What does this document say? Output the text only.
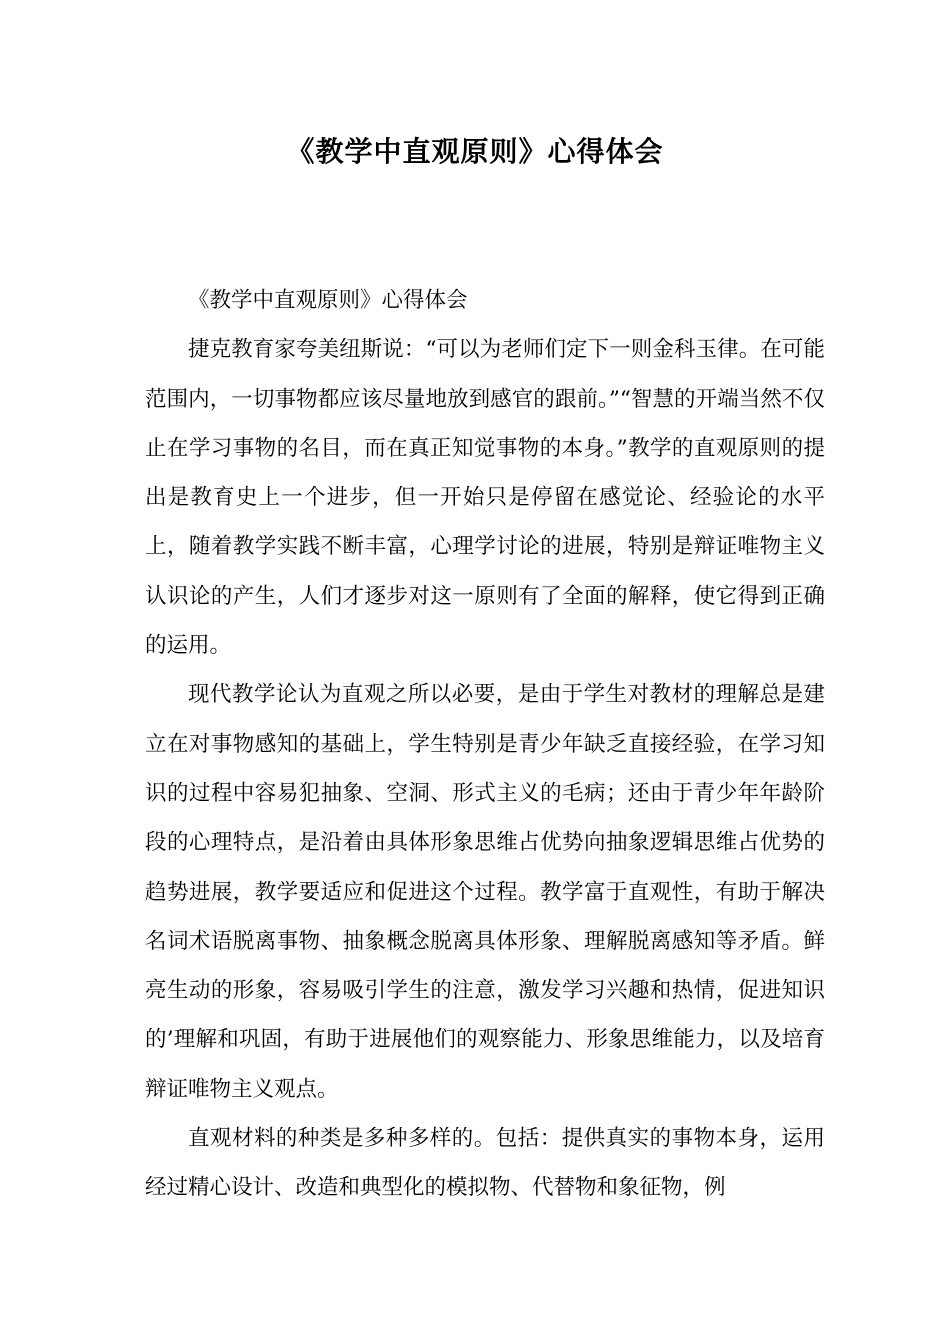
《教学中直观原则》心得体会

《教学中直观原则》心得体会

捷克教育家夸美纽斯说：“可以为老师们定下一则金科玉律。在可能范围内，一切事物都应该尽量地放到感官的跟前。”“智慧的开端当然不仅止在学习事物的名目，而在真正知觉事物的本身。”教学的直观原则的提出是教育史上一个进步，但一开始只是停留在感觉论、经验论的水平上，随着教学实践不断丰富，心理学讨论的进展，特别是辩证唯物主义认识论的产生，人们才逐步对这一原则有了全面的解释，使它得到正确的运用。

现代教学论认为直观之所以必要，是由于学生对教材的理解总是建立在对事物感知的基础上，学生特别是青少年缺乏直接经验，在学习知识的过程中容易犯抽象、空洞、形式主义的毛病；还由于青少年年龄阶段的心理特点，是沿着由具体形象思维占优势向抽象逻辑思维占优势的趋势进展，教学要适应和促进这个过程。教学富于直观性，有助于解决名词术语脱离事物、抽象概念脱离具体形象、理解脱离感知等矛盾。鲜亮生动的形象，容易吸引学生的注意，激发学习兴趣和热情，促进知识的’理解和巩固，有助于进展他们的观察能力、形象思维能力，以及培育辩证唯物主义观点。

直观材料的种类是多种多样的。包括：提供真实的事物本身，运用经过精心设计、改造和典型化的模拟物、代替物和象征物，例
